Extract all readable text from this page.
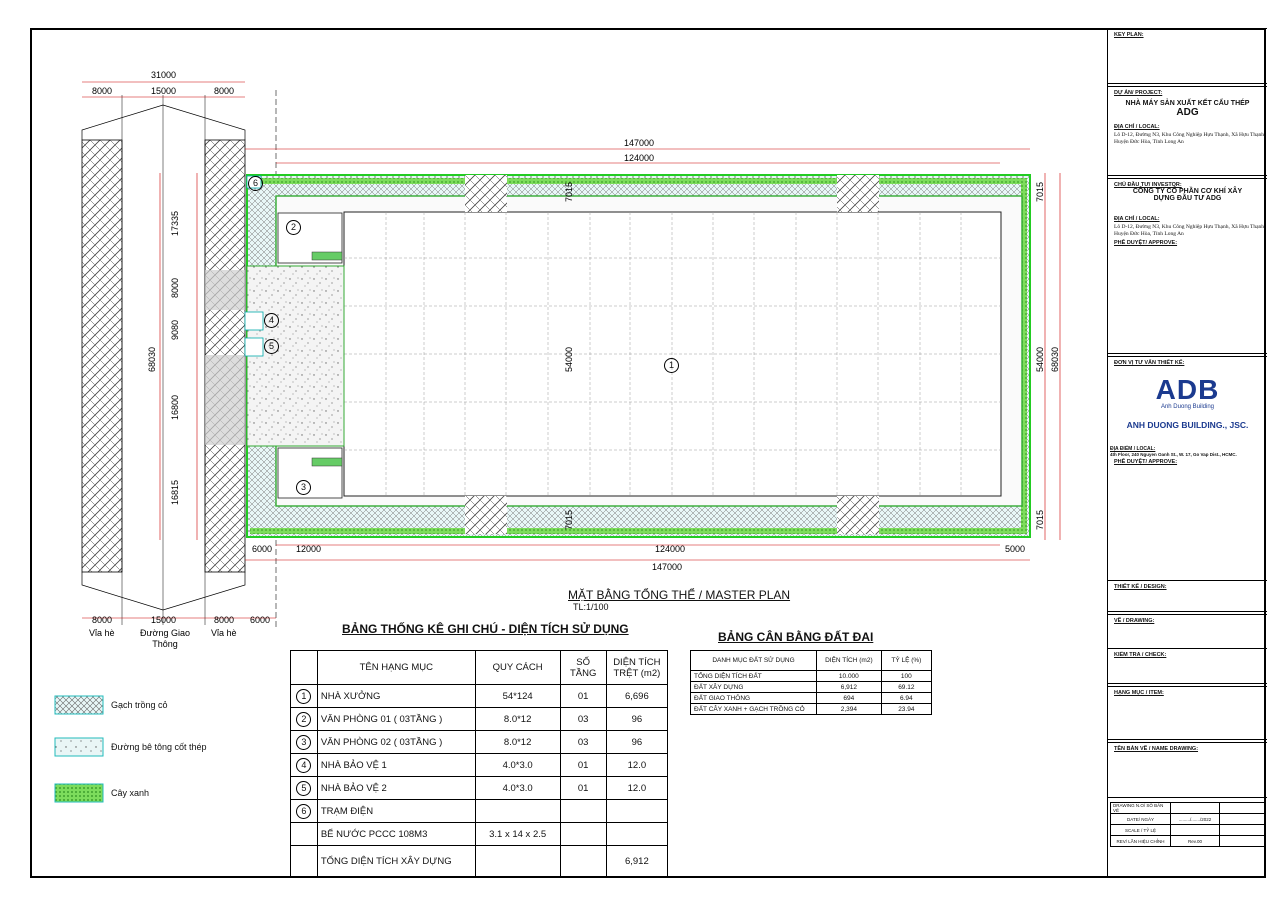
6
2
4
5
3
1
31000
8000	15000	8000
147000
124000
124000
147000
6000	12000	5000
8000	15000	8000 6000
17335
8000
9080
16800
16815
68030	68030
54000	54000
7015
7015
7015
7015
Vỉa hè	Đường Giao Thông
Vỉa hè
MẶT BẰNG TỔNG THỂ / MASTER PLAN
TL:1/100
BẢNG THỐNG KÊ GHI CHÚ - DIỆN TÍCH SỬ DỤNG
	TÊN HẠNG MỤC	QUY CÁCH	SỐ TẦNG	DIỆN TÍCH TRỆT (m2)
1	NHÀ XƯỞNG	54*124	01	6,696
2	VĂN PHÒNG 01 ( 03TẦNG )	8.0*12	03	96
3	VĂN PHÒNG 02 ( 03TẦNG )	8.0*12	03	96
4	NHÀ BẢO VỆ 1	4.0*3.0	01	12.0
5	NHÀ BẢO VỆ 2	4.0*3.0	01	12.0
6	TRẠM ĐIỆN			
	BỂ NƯỚC PCCC 108M3	3.1 x 14 x 2.5		
	TỔNG DIỆN TÍCH XÂY DỰNG			6,912
BẢNG CÂN BẰNG ĐẤT ĐAI
DANH MỤC ĐẤT SỬ DỤNG	DIỆN TÍCH (m2)	TỶ LỆ (%)
TỔNG DIỆN TÍCH ĐẤT	10.000	100
ĐẤT XÂY DỰNG	6,912	69.12
ĐẤT GIAO THÔNG	694	6.94
ĐẤT CÂY XANH + GẠCH TRỒNG CỎ	2,394	23.94
Gạch trồng cỏ
Đường bê tông cốt thép
Cây xanh
KEY PLAN:
DỰ ÁN/ PROJECT:
NHÀ MÁY SẢN XUẤT KẾT CẤU THÉP
ADG
ĐỊA CHỈ / LOCAL:
Lô D-12, Đường N3, Khu Công Nghiệp Hựu Thạnh, Xã Hựu Thạnh, Huyện Đức Hòa, Tỉnh Long An
CHỦ ĐẦU TƯ/ INVESTOR:
CÔNG TY CỔ PHẦN CƠ KHÍ XÂY DỰNG ĐẦU TƯ ADG
ĐỊA CHỈ / LOCAL:
Lô D-12, Đường N3, Khu Công Nghiệp Hựu Thạnh, Xã Hựu Thạnh, Huyện Đức Hòa, Tỉnh Long An
PHÊ DUYỆT/ APPROVE:
ĐƠN VỊ TƯ VẤN THIẾT KẾ:
ADB
Anh Duong Building
ANH DUONG BUILDING., JSC.
ĐỊA ĐIỂM / LOCAL:
4th Floor, 240 Nguyen Oanh St., W. 17, Go Vap Dist., HCMC.
PHÊ DUYỆT/ APPROVE:
THIẾT KẾ / DESIGN:
VẼ / DRAWING:
KIỂM TRA / CHECK:
HẠNG MỤC / ITEM:
TÊN BẢN VẼ / NAME DRAWING:
DRAWING N.O/ SỐ BẢN VẼ		
DATE/ NGÀY	........./......./2022	
SCALE / TỶ LỆ		
REV/ LẦN HIỆU CHỈNH	Rev.00	
